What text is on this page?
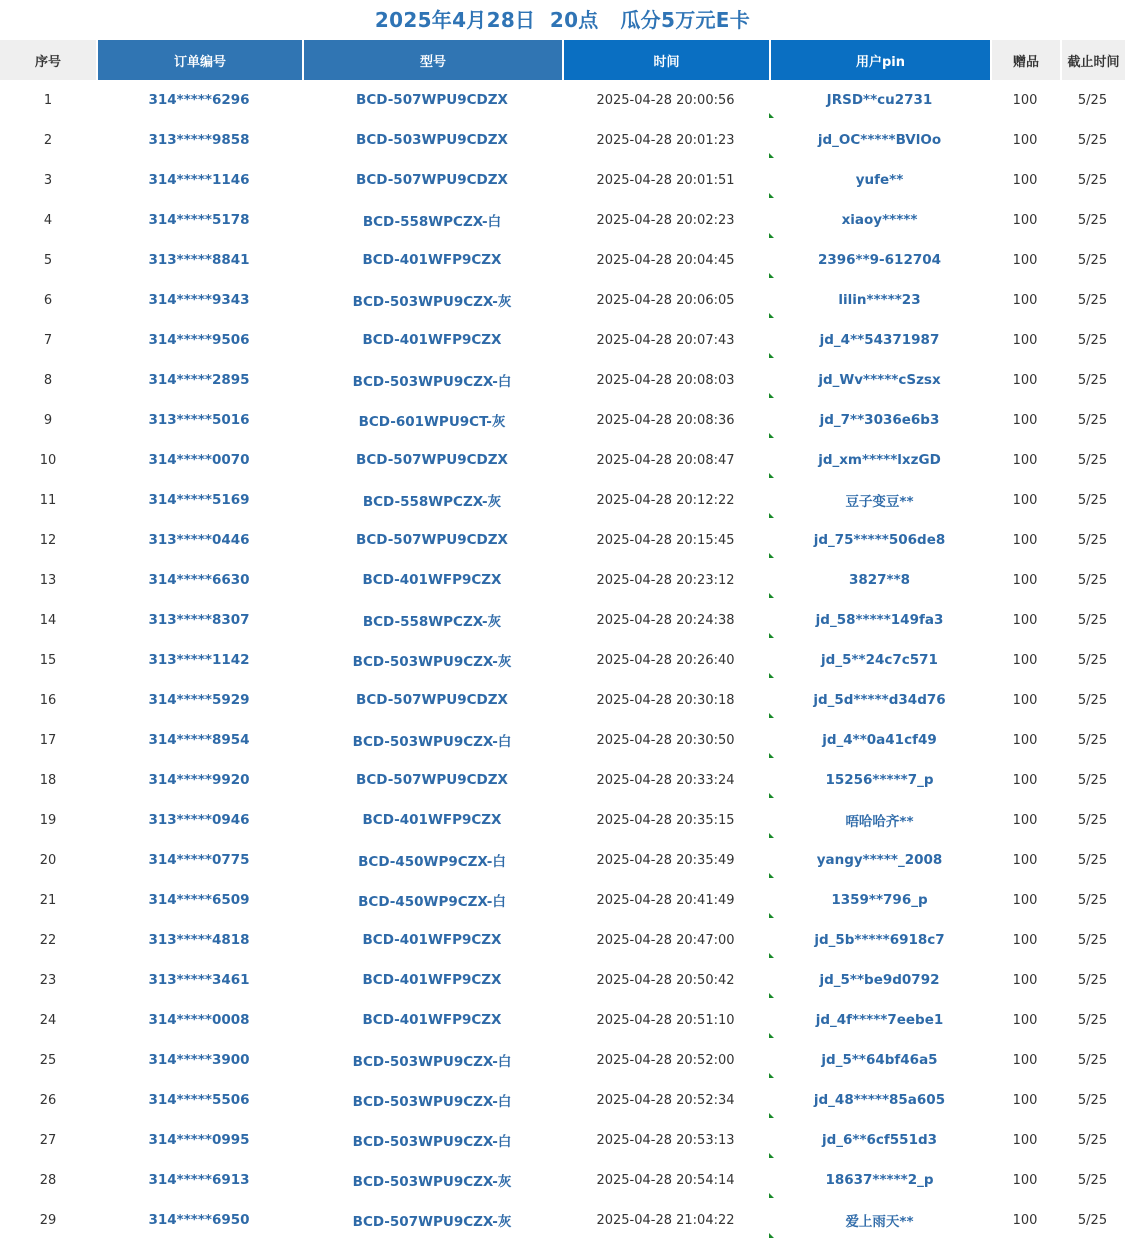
2025年4月28日  20点   瓜分5万元E卡
序号	订单编号	型号	时间	用户pin	赠品	截止时间
1	314*****6296	BCD-507WPU9CDZX	2025-04-28 20:00:56	JRSD**cu2731	100	5/25
2	313*****9858	BCD-503WPU9CDZX	2025-04-28 20:01:23	jd_OC*****BVlOo	100	5/25
3	314*****1146	BCD-507WPU9CDZX	2025-04-28 20:01:51	yufe**	100	5/25
4	314*****5178	BCD-558WPCZX-白	2025-04-28 20:02:23	xiaoy*****	100	5/25
5	313*****8841	BCD-401WFP9CZX	2025-04-28 20:04:45	2396**9-612704	100	5/25
6	314*****9343	BCD-503WPU9CZX-灰	2025-04-28 20:06:05	lilin*****23	100	5/25
7	314*****9506	BCD-401WFP9CZX	2025-04-28 20:07:43	jd_4**54371987	100	5/25
8	314*****2895	BCD-503WPU9CZX-白	2025-04-28 20:08:03	jd_Wv*****cSzsx	100	5/25
9	313*****5016	BCD-601WPU9CT-灰	2025-04-28 20:08:36	jd_7**3036e6b3	100	5/25
10	314*****0070	BCD-507WPU9CDZX	2025-04-28 20:08:47	jd_xm*****lxzGD	100	5/25
11	314*****5169	BCD-558WPCZX-灰	2025-04-28 20:12:22	豆子变豆**	100	5/25
12	313*****0446	BCD-507WPU9CDZX	2025-04-28 20:15:45	jd_75*****506de8	100	5/25
13	314*****6630	BCD-401WFP9CZX	2025-04-28 20:23:12	3827**8	100	5/25
14	313*****8307	BCD-558WPCZX-灰	2025-04-28 20:24:38	jd_58*****149fa3	100	5/25
15	313*****1142	BCD-503WPU9CZX-灰	2025-04-28 20:26:40	jd_5**24c7c571	100	5/25
16	314*****5929	BCD-507WPU9CDZX	2025-04-28 20:30:18	jd_5d*****d34d76	100	5/25
17	314*****8954	BCD-503WPU9CZX-白	2025-04-28 20:30:50	jd_4**0a41cf49	100	5/25
18	314*****9920	BCD-507WPU9CDZX	2025-04-28 20:33:24	15256*****7_p	100	5/25
19	313*****0946	BCD-401WFP9CZX	2025-04-28 20:35:15	唔哈哈齐**	100	5/25
20	314*****0775	BCD-450WP9CZX-白	2025-04-28 20:35:49	yangy*****_2008	100	5/25
21	314*****6509	BCD-450WP9CZX-白	2025-04-28 20:41:49	1359**796_p	100	5/25
22	313*****4818	BCD-401WFP9CZX	2025-04-28 20:47:00	jd_5b*****6918c7	100	5/25
23	313*****3461	BCD-401WFP9CZX	2025-04-28 20:50:42	jd_5**be9d0792	100	5/25
24	314*****0008	BCD-401WFP9CZX	2025-04-28 20:51:10	jd_4f*****7eebe1	100	5/25
25	314*****3900	BCD-503WPU9CZX-白	2025-04-28 20:52:00	jd_5**64bf46a5	100	5/25
26	314*****5506	BCD-503WPU9CZX-白	2025-04-28 20:52:34	jd_48*****85a605	100	5/25
27	314*****0995	BCD-503WPU9CZX-白	2025-04-28 20:53:13	jd_6**6cf551d3	100	5/25
28	314*****6913	BCD-503WPU9CZX-灰	2025-04-28 20:54:14	18637*****2_p	100	5/25
29	314*****6950	BCD-507WPU9CZX-灰	2025-04-28 21:04:22	爱上雨天**	100	5/25
